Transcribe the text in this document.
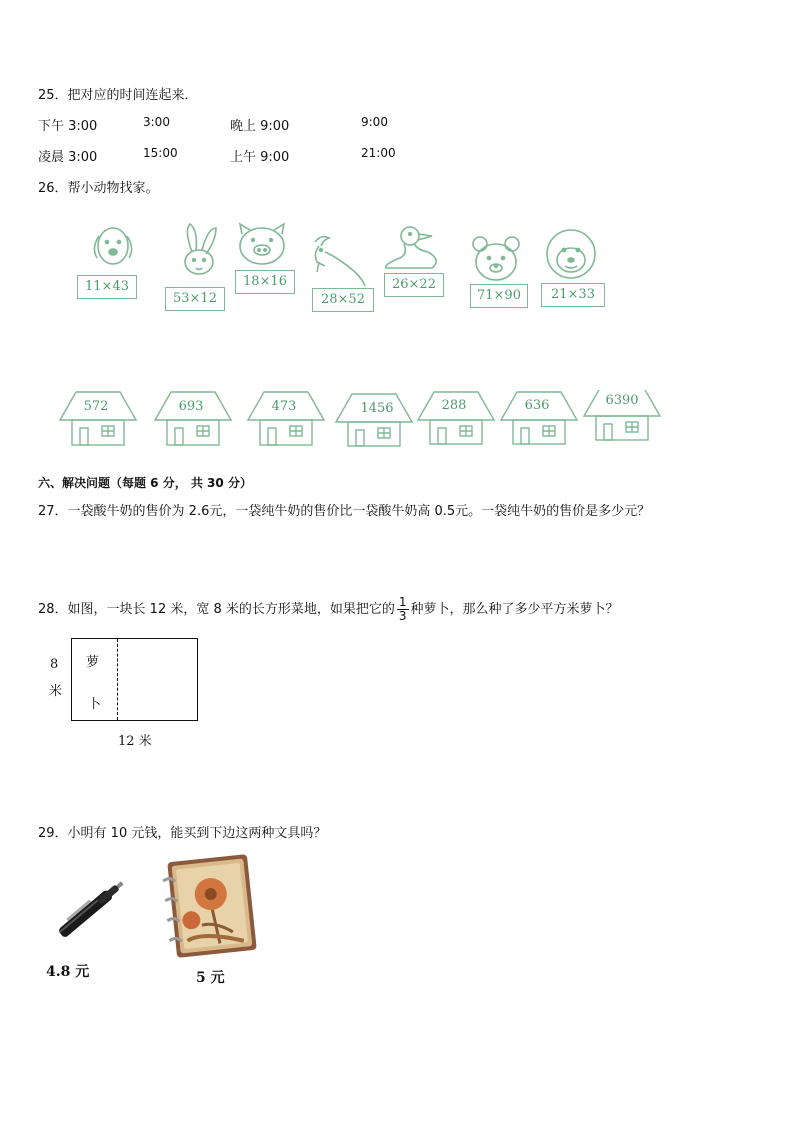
25．把对应的时间连起来．
下午 3:00	3:00	晚上 9:00	9:00
凌晨 3:00	15:00	上午 9:00	21:00
26．帮小动物找家。
11×43
53×12
18×16
28×52
26×22
71×90	21×33
572	693	473	1456	288	636	6390
六、解决问题（每题 6 分， 共 30 分）
27．一袋酸牛奶的售价为 2.6元，一袋纯牛奶的售价比一袋酸牛奶高 0.5元。一袋纯牛奶的售价是多少元？
28．如图，一块长 12 米，宽 8 米的长方形菜地，如果把它的 $\frac{1}{3}$ 种萝卜，那么种了多少平方米萝卜？
萝
卜
8
米
12 米
29．小明有 10 元钱，能买到下边这两种文具吗？
4.8 元	5 元
